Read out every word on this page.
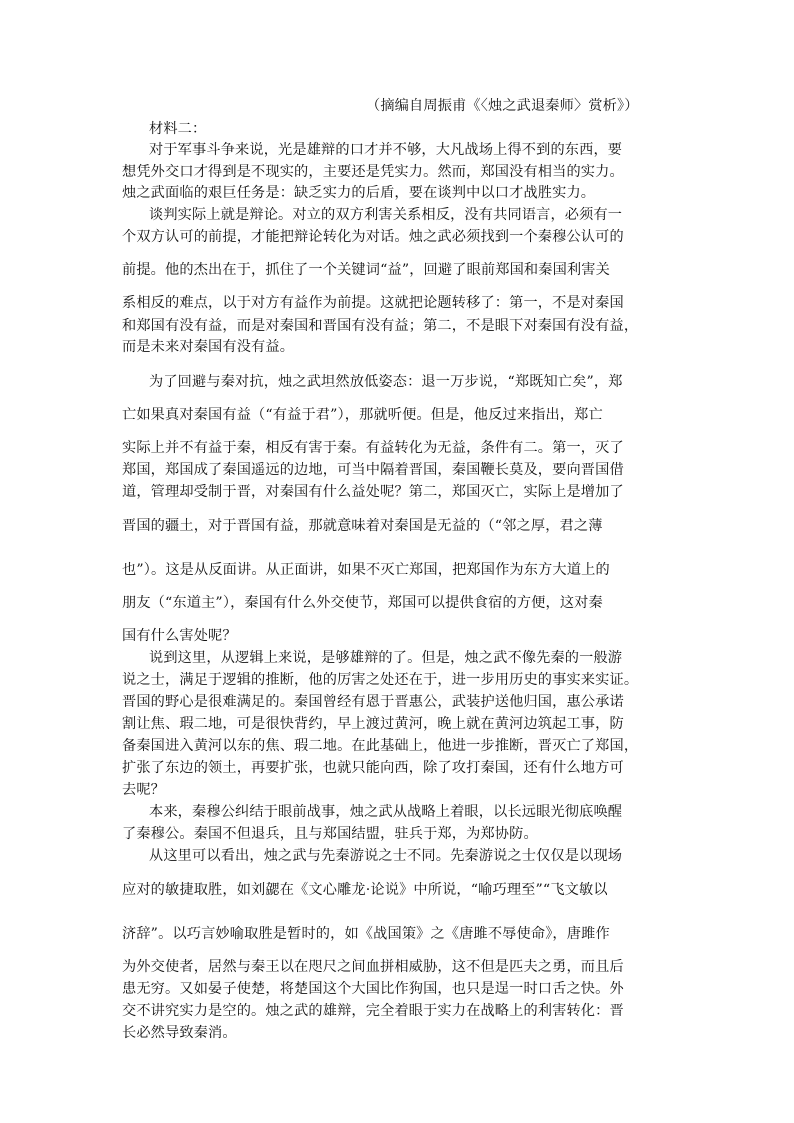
（摘编自周振甫《〈烛之武退秦师〉赏析》）
材料二：
对于军事斗争来说，光是雄辩的口才并不够，大凡战场上得不到的东西，要
想凭外交口才得到是不现实的，主要还是凭实力。然而，郑国没有相当的实力。
烛之武面临的艰巨任务是：缺乏实力的后盾，要在谈判中以口才战胜实力。
谈判实际上就是辩论。对立的双方利害关系相反，没有共同语言，必须有一
个双方认可的前提，才能把辩论转化为对话。烛之武必须找到一个秦穆公认可的
前提。他的杰出在于，抓住了一个关键词“益”，回避了眼前郑国和秦国利害关
系相反的难点，以于对方有益作为前提。这就把论题转移了：第一，不是对秦国
和郑国有没有益，而是对秦国和晋国有没有益；第二，不是眼下对秦国有没有益，
而是未来对秦国有没有益。
为了回避与秦对抗，烛之武坦然放低姿态：退一万步说，“郑既知亡矣”，郑
亡如果真对秦国有益（“有益于君”），那就听便。但是，他反过来指出，郑亡
实际上并不有益于秦，相反有害于秦。有益转化为无益，条件有二。第一，灭了
郑国，郑国成了秦国遥远的边地，可当中隔着晋国，秦国鞭长莫及，要向晋国借
道，管理却受制于晋，对秦国有什么益处呢？第二，郑国灭亡，实际上是增加了
晋国的疆土，对于晋国有益，那就意味着对秦国是无益的（“邻之厚，君之薄
也”）。这是从反面讲。从正面讲，如果不灭亡郑国，把郑国作为东方大道上的
朋友（“东道主”），秦国有什么外交使节，郑国可以提供食宿的方便，这对秦
国有什么害处呢？
说到这里，从逻辑上来说，是够雄辩的了。但是，烛之武不像先秦的一般游
说之士，满足于逻辑的推断，他的厉害之处还在于，进一步用历史的事实来实证。
晋国的野心是很难满足的。秦国曾经有恩于晋惠公，武装护送他归国，惠公承诺
割让焦、瑕二地，可是很快背约，早上渡过黄河，晚上就在黄河边筑起工事，防
备秦国进入黄河以东的焦、瑕二地。在此基础上，他进一步推断，晋灭亡了郑国，
扩张了东边的领土，再要扩张，也就只能向西，除了攻打秦国，还有什么地方可
去呢？
本来，秦穆公纠结于眼前战事，烛之武从战略上着眼，以长远眼光彻底唤醒
了秦穆公。秦国不但退兵，且与郑国结盟，驻兵于郑，为郑协防。
从这里可以看出，烛之武与先秦游说之士不同。先秦游说之士仅仅是以现场
应对的敏捷取胜，如刘勰在《文心雕龙·论说》中所说，“喻巧理至”“飞文敏以
济辞”。以巧言妙喻取胜是暂时的，如《战国策》之《唐雎不辱使命》，唐雎作
为外交使者，居然与秦王以在咫尺之间血拼相威胁，这不但是匹夫之勇，而且后
患无穷。又如晏子使楚，将楚国这个大国比作狗国，也只是逞一时口舌之快。外
交不讲究实力是空的。烛之武的雄辩，完全着眼于实力在战略上的利害转化：晋
长必然导致秦消。
